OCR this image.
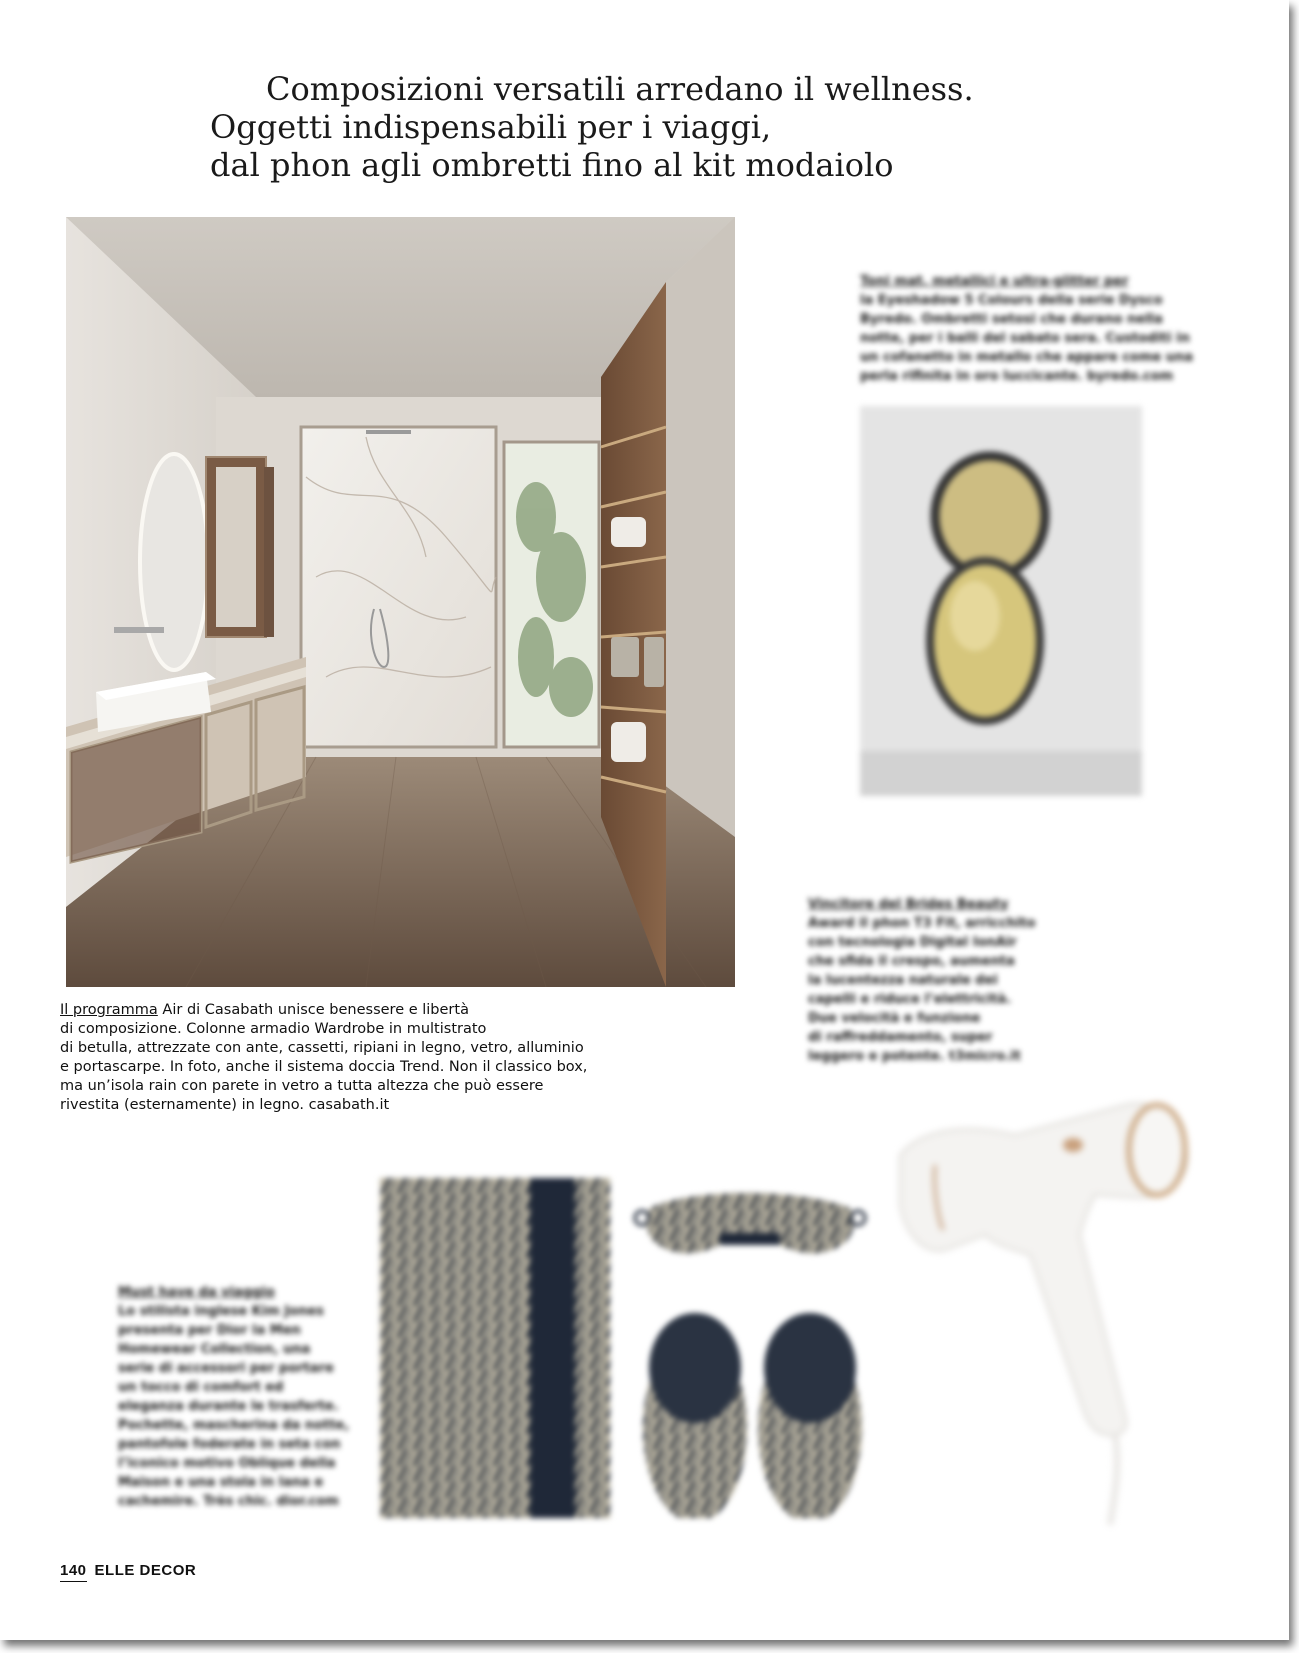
Composizioni versatili arredano il wellness.
Oggetti indispensabili per i viaggi,
dal phon agli ombretti fino al kit modaiolo

Il programma Air di Casabath unisce benessere e libertà

di composizione. Colonne armadio Wardrobe in multistrato

di betulla, attrezzate con ante, cassetti, ripiani in legno, vetro, alluminio

e portascarpe. In foto, anche il sistema doccia Trend. Non il classico box,

ma un’isola rain con parete in vetro a tutta altezza che può essere

rivestita (esternamente) in legno. casabath.it

Toni mat, metallici e ultra-glitter per

la Eyeshadow 5 Colours della serie Dysco

Byredo. Ombretti setosi che durano nella

notte, per i balli del sabato sera. Custoditi in

un cofanetto in metallo che appare come una

perla rifinita in oro luccicante. byredo.com

Vincitore del Brides Beauty

Award il phon T3 Fit, arricchito

con tecnologia Digital IonAir

che sfida il crespo, aumenta

la lucentezza naturale dei

capelli e riduce l’elettricità.

Due velocità e funzione

di raffreddamento, super

leggero e potente. t3micro.it

Must have da viaggio

Lo stilista inglese Kim Jones

presenta per Dior la Men

Homewear Collection, una

serie di accessori per portare

un tocco di comfort ed

eleganza durante le trasferte.

Pochette, mascherina da notte,

pantofole foderate in seta con

l’iconico motivo Oblique della

Maison e una stola in lana e

cachemire. Très chic. dior.com

140 ELLE DECOR
